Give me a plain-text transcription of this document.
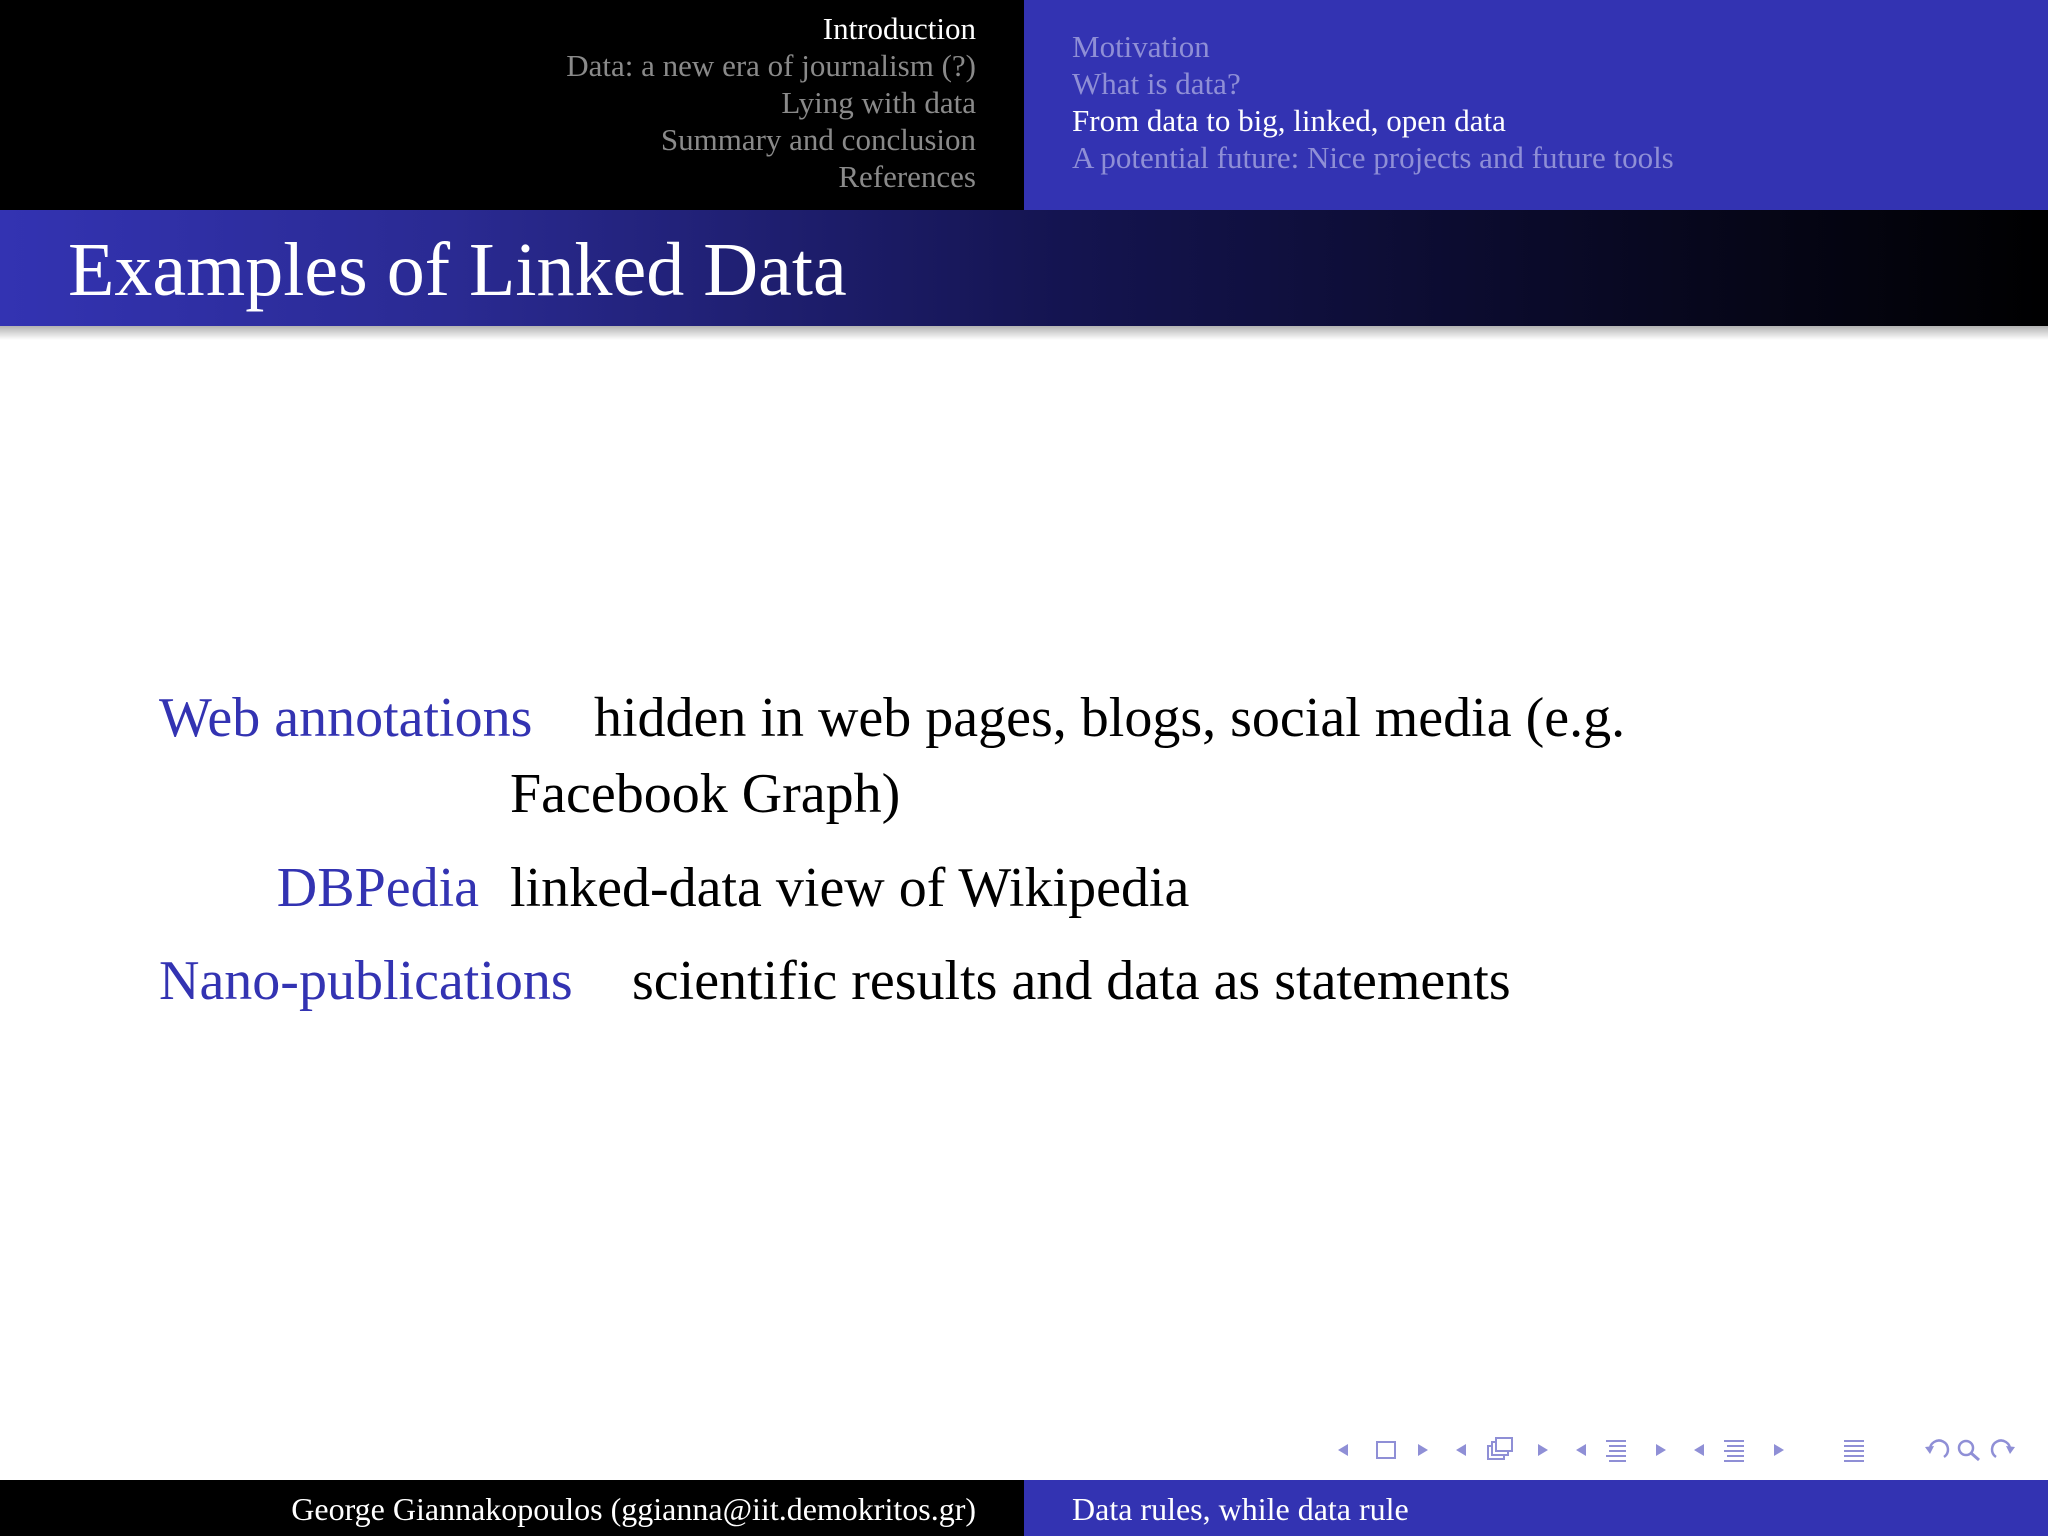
Introduction
Data: a new era of journalism (?)
Lying with data
Summary and conclusion
References
Motivation
What is data?
From data to big, linked, open data
A potential future: Nice projects and future tools
Examples of Linked Data
Web annotations	hidden in web pages, blogs, social media (e.g. Facebook Graph)
DBPedia linked-data view of Wikipedia
Nano-publications scientific results and data as statements
George Giannakopoulos (ggianna@iit.demokritos.gr)	Data rules, while data rule
